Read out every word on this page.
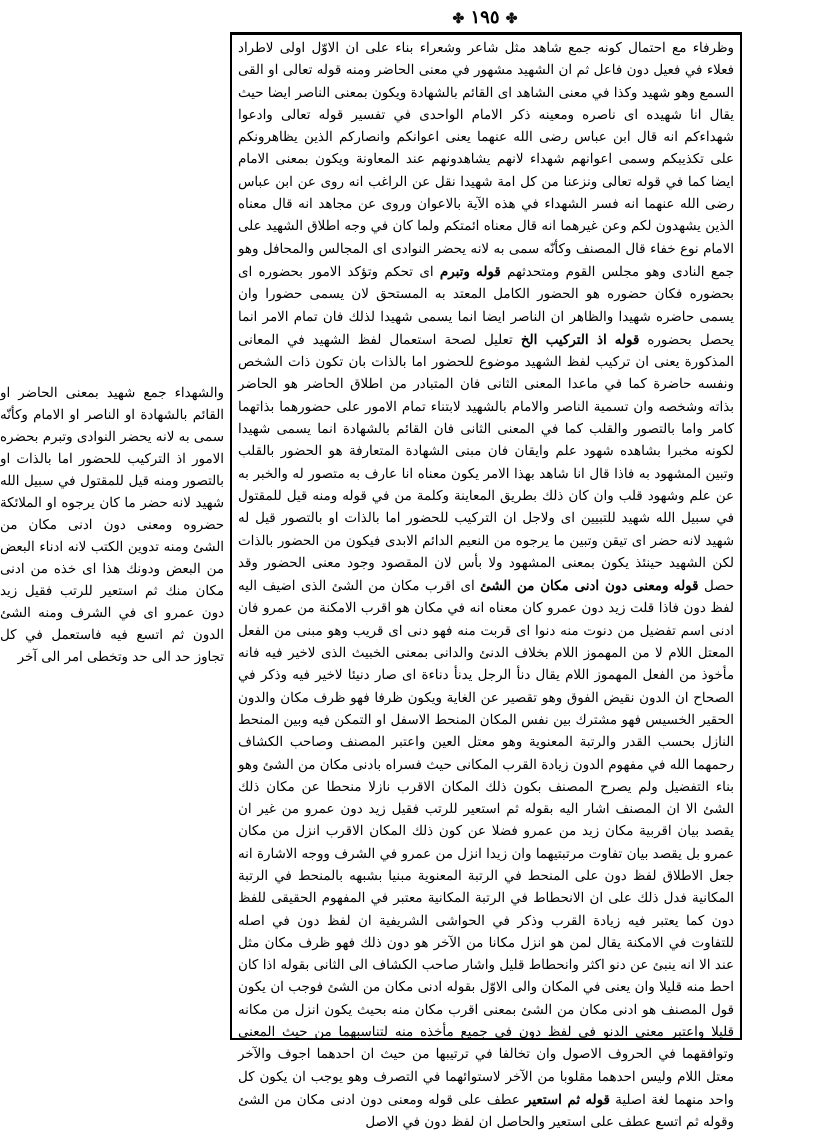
✤ ١٩٥ ✤

وظرفاء مع احتمال كونه جمع شاهد مثل شاعر وشعراء بناء على ان الاوّل اولى لاطراد فعلاء في فعيل دون فاعل ثم ان الشهيد مشهور في معنى الحاضر ومنه قوله تعالى او القى السمع وهو شهيد وكذا في معنى الشاهد اى القائم بالشهادة ويكون بمعنى الناصر ايضا حيث يقال انا شهيده اى ناصره ومعينه ذكر الامام الواحدى في تفسير قوله تعالى وادعوا شهداءكم انه قال ابن عباس رضى الله عنهما يعنى اعوانكم وانصاركم الذين يظاهرونكم على تكذيبكم وسمى اعوانهم شهداء لانهم يشاهدونهم عند المعاونة ويكون بمعنى الامام ايضا كما في قوله تعالى ونزعنا من كل امة شهيدا نقل عن الراغب انه روى عن ابن عباس رضى الله عنهما انه فسر الشهداء في هذه الآية بالاعوان وروى عن مجاهد انه قال معناه الذين يشهدون لكم وعن غيرهما انه قال معناه ائمتكم ولما كان في وجه اطلاق الشهيد على الامام نوع خفاء قال المصنف وكأنّه سمى به لانه يحضر النوادى اى المجالس والمحافل وهو جمع النادى وهو مجلس القوم ومتحدثهم قوله وتبرم اى تحكم وتؤكد الامور بحضوره اى بحضوره فكان حضوره هو الحضور الكامل المعتد به المستحق لان يسمى حضورا وان يسمى حاضره شهيدا والظاهر ان الناصر ايضا انما يسمى شهيدا لذلك فان تمام الامر انما يحصل بحضوره قوله اذ التركيب الخ تعليل لصحة استعمال لفظ الشهيد في المعانى المذكورة يعنى ان تركيب لفظ الشهيد موضوع للحضور اما بالذات بان تكون ذات الشخص ونفسه حاضرة كما في ماعدا المعنى الثانى فان المتبادر من اطلاق الحاضر هو الحاضر بذاته وشخصه وان تسمية الناصر والامام بالشهيد لابتناء تمام الامور على حضورهما بذاتهما كامر واما بالتصور والقلب كما في المعنى الثانى فان القائم بالشهادة انما يسمى شهيدا لكونه مخبرا بشاهده شهود علم وايقان فان مبنى الشهادة المتعارفة هو الحضور بالقلب وتبين المشهود به فاذا قال انا شاهد بهذا الامر يكون معناه انا عارف به متصور له والخبر به عن علم وشهود قلب وان كان ذلك بطريق المعاينة وكلمة من في قوله ومنه قيل للمقتول في سبيل الله شهيد للتبيين اى ولاجل ان التركيب للحضور اما بالذات او بالتصور قيل له شهيد لانه حضر اى تيقن وتبين ما يرجوه من النعيم الدائم الابدى فيكون من الحضور بالذات لكن الشهيد حينئذ يكون بمعنى المشهود ولا بأس لان المقصود وجود معنى الحضور وقد حصل قوله ومعنى دون ادنى مكان من الشئ اى اقرب مكان من الشئ الذى اضيف اليه لفظ دون فاذا قلت زيد دون عمرو كان معناه انه في مكان هو اقرب الامكنة من عمرو فان ادنى اسم تفضيل من دنوت منه دنوا اى قربت منه فهو دنى اى قريب وهو مبنى من الفعل المعتل اللام لا من المهموز اللام بخلاف الدنئ والدانى بمعنى الخبيث الذى لاخير فيه فانه مأخوذ من الفعل المهموز اللام يقال دنأ الرجل يدنأ دناءة اى صار دنيئا لاخير فيه وذكر في الصحاح ان الدون نقيض الفوق وهو تقصير عن الغاية ويكون ظرفا فهو ظرف مكان والدون الحقير الخسيس فهو مشترك بين نفس المكان المنحط الاسفل او التمكن فيه وبين المنحط النازل بحسب القدر والرتبة المعنوية وهو معتل العين واعتبر المصنف وصاحب الكشاف رحمهما الله في مفهوم الدون زيادة القرب المكانى حيث فسراه بادنى مكان من الشئ وهو بناء التفضيل ولم يصرح المصنف بكون ذلك المكان الاقرب نازلا منحطا عن مكان ذلك الشئ الا ان المصنف اشار اليه بقوله ثم استعير للرتب فقيل زيد دون عمرو من غير ان يقصد بيان اقربية مكان زيد من عمرو فضلا عن كون ذلك المكان الاقرب انزل من مكان عمرو بل يقصد بيان تفاوت مرتبتيهما وان زيدا انزل من عمرو في الشرف ووجه الاشارة انه جعل الاطلاق لفظ دون على المنحط في الرتبة المعنوية مبنيا بشبهه بالمنحط في الرتبة المكانية فدل ذلك على ان الانحطاط في الرتبة المكانية معتبر في المفهوم الحقيقى للفظ دون كما يعتبر فيه زيادة القرب وذكر في الحواشى الشريفية ان لفظ دون في اصله للتفاوت في الامكنة يقال لمن هو انزل مكانا من الآخر هو دون ذلك فهو ظرف مكان مثل عند الا انه ينبئ عن دنو اكثر وانحطاط قليل واشار صاحب الكشاف الى الثانى بقوله اذا كان احط منه قليلا وان يعنى في المكان والى الاوّل بقوله ادنى مكان من الشئ فوجب ان يكون قول المصنف هو ادنى مكان من الشئ بمعنى اقرب مكان منه بحيث يكون انزل من مكانه قليلا واعتبر معنى الدنو في لفظ دون في جميع مأخذه منه لتناسبهما من حيث المعنى وتوافقهما في الحروف الاصول وان تخالفا في ترتيبها من حيث ان احدهما اجوف والآخر معتل اللام وليس احدهما مقلوبا من الآخر لاستوائهما في التصرف وهو يوجب ان يكون كل واحد منهما لغة اصلية قوله ثم استعير عطف على قوله ومعنى دون ادنى مكان من الشئ وقوله ثم اتسع عطف على استعير والحاصل ان لفظ دون في الاصل

والشهداء جمع شهيد بمعنى الحاضر او القائم بالشهادة او الناصر او الامام وكأنّه سمى به لانه يحضر النوادى وتبرم بحضره الامور اذ التركيب للحضور اما بالذات او بالتصور ومنه قيل للمقتول في سبيل الله شهيد لانه حضر ما كان يرجوه او الملائكة حضروه ومعنى دون ادنى مكان من الشئ ومنه تدوين الكتب لانه ادناء البعض من البعض ودونك هذا اى خذه من ادنى مكان منك ثم استعير للرتب فقيل زيد دون عمرو اى في الشرف ومنه الشئ الدون ثم اتسع فيه فاستعمل في كل تجاوز حد الى حد وتخطى امر الى آخر
